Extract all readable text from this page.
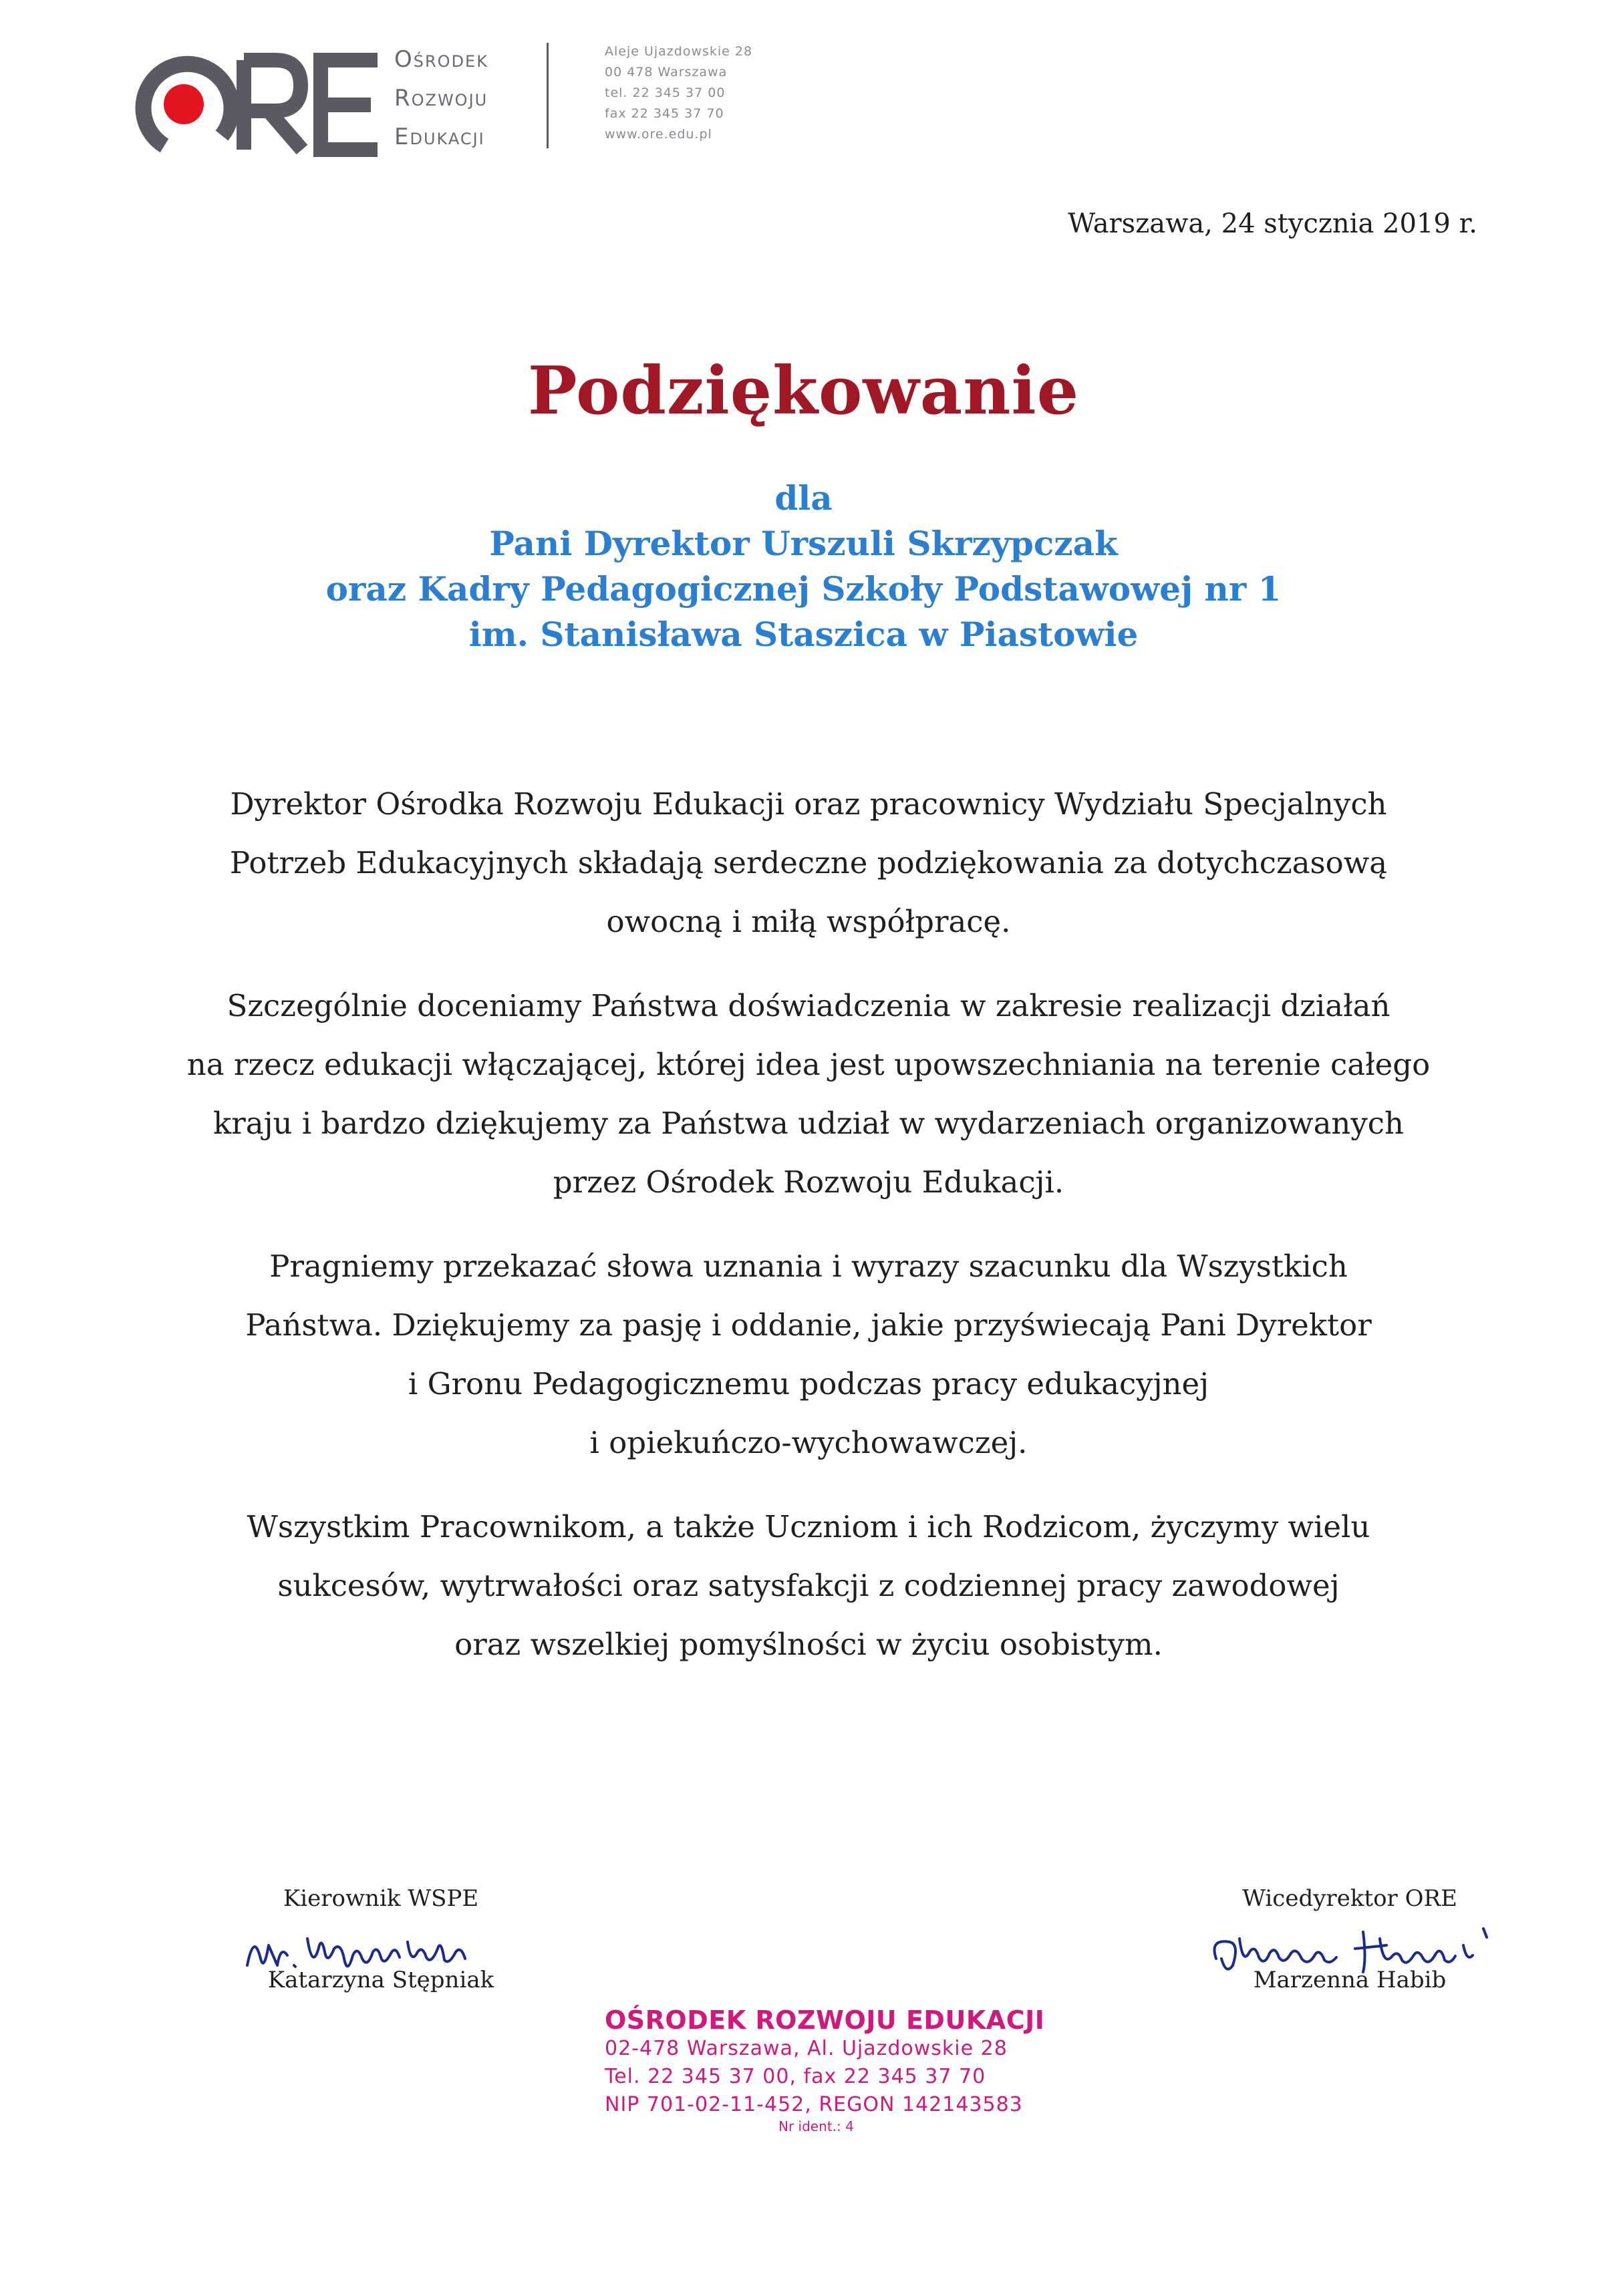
Ośrodek
Rozwoju
Edukacji
Aleje Ujazdowskie 28
00 478 Warszawa
tel. 22 345 37 00
fax 22 345 37 70
www.ore.edu.pl
Warszawa, 24 stycznia 2019 r.
Podziękowanie
dla
Pani Dyrektor Urszuli Skrzypczak
oraz Kadry Pedagogicznej Szkoły Podstawowej nr 1
im. Stanisława Staszica w Piastowie

Dyrektor Ośrodka Rozwoju Edukacji oraz pracownicy Wydziału Specjalnych
Potrzeb Edukacyjnych składają serdeczne podziękowania za dotychczasową
owocną i miłą współpracę.

Szczególnie doceniamy Państwa doświadczenia w zakresie realizacji działań
na rzecz edukacji włączającej, której idea jest upowszechniania na terenie całego
kraju i bardzo dziękujemy za Państwa udział w wydarzeniach organizowanych
przez Ośrodek Rozwoju Edukacji.

Pragniemy przekazać słowa uznania i wyrazy szacunku dla Wszystkich
Państwa. Dziękujemy za pasję i oddanie, jakie przyświecają Pani Dyrektor
i Gronu Pedagogicznemu podczas pracy edukacyjnej
i opiekuńczo-wychowawczej.

Wszystkim Pracownikom, a także Uczniom i ich Rodzicom, życzymy wielu
sukcesów, wytrwałości oraz satysfakcji z codziennej pracy zawodowej
oraz wszelkiej pomyślności w życiu osobistym.

Kierownik WSPE
Katarzyna Stępniak
Wicedyrektor ORE
Marzenna Habib
OŚRODEK ROZWOJU EDUKACJI
02-478 Warszawa, Al. Ujazdowskie 28
Tel. 22 345 37 00, fax 22 345 37 70
NIP 701-02-11-452, REGON 142143583
Nr ident.: 4
